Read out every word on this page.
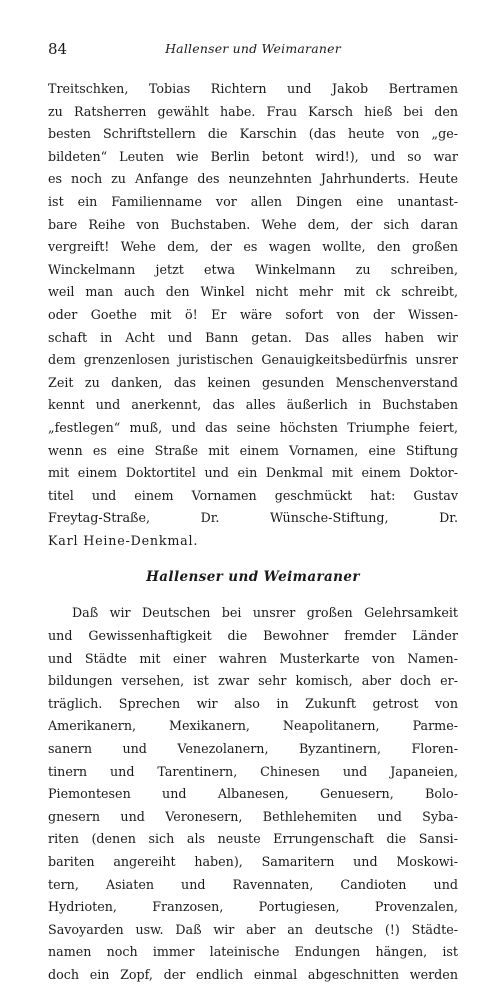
84	Hallenser und Weimaraner
Treitschken, Tobias Richtern und Jakob Bertramen
zu Ratsherren gewählt habe. Frau Karsch hieß bei den
besten Schriftstellern die Karschin (das heute von „ge-
bildeten“ Leuten wie Berlin betont wird!), und so war
es noch zu Anfange des neunzehnten Jahrhunderts. Heute
ist ein Familienname vor allen Dingen eine unantast-
bare Reihe von Buchstaben. Wehe dem, der sich daran
vergreift! Wehe dem, der es wagen wollte, den großen
Winckelmann jetzt etwa Winkelmann zu schreiben,
weil man auch den Winkel nicht mehr mit ck schreibt,
oder Goethe mit ö! Er wäre sofort von der Wissen-
schaft in Acht und Bann getan. Das alles haben wir
dem grenzenlosen juristischen Genauigkeitsbedürfnis unsrer
Zeit zu danken, das keinen gesunden Menschenverstand
kennt und anerkennt, das alles äußerlich in Buchstaben
„festlegen“ muß, und das seine höchsten Triumphe feiert,
wenn es eine Straße mit einem Vornamen, eine Stiftung
mit einem Doktortitel und ein Denkmal mit einem Doktor-
titel und einem Vornamen geschmückt hat: Gustav
Freytag-Straße, Dr. Wünsche-Stiftung, Dr.
Karl Heine-Denkmal.
Hallenser und Weimaraner
Daß wir Deutschen bei unsrer großen Gelehrsamkeit
und Gewissenhaftigkeit die Bewohner fremder Länder
und Städte mit einer wahren Musterkarte von Namen-
bildungen versehen, ist zwar sehr komisch, aber doch er-
träglich. Sprechen wir also in Zukunft getrost von
Amerikanern, Mexikanern, Neapolitanern, Parme-
sanern und Venezolanern, Byzantinern, Floren-
tinern und Tarentinern, Chinesen und Japaneien,
Piemontesen und Albanesen, Genuesern, Bolo-
gnesern und Veronesern, Bethlehemiten und Syba-
riten (denen sich als neuste Errungenschaft die Sansi-
bariten angereiht haben), Samaritern und Moskowi-
tern, Asiaten und Ravennaten, Candioten und
Hydrioten, Franzosen, Portugiesen, Provenzalen,
Savoyarden usw. Daß wir aber an deutsche (!) Städte-
namen noch immer lateinische Endungen hängen, ist
doch ein Zopf, der endlich einmal abgeschnitten werden
